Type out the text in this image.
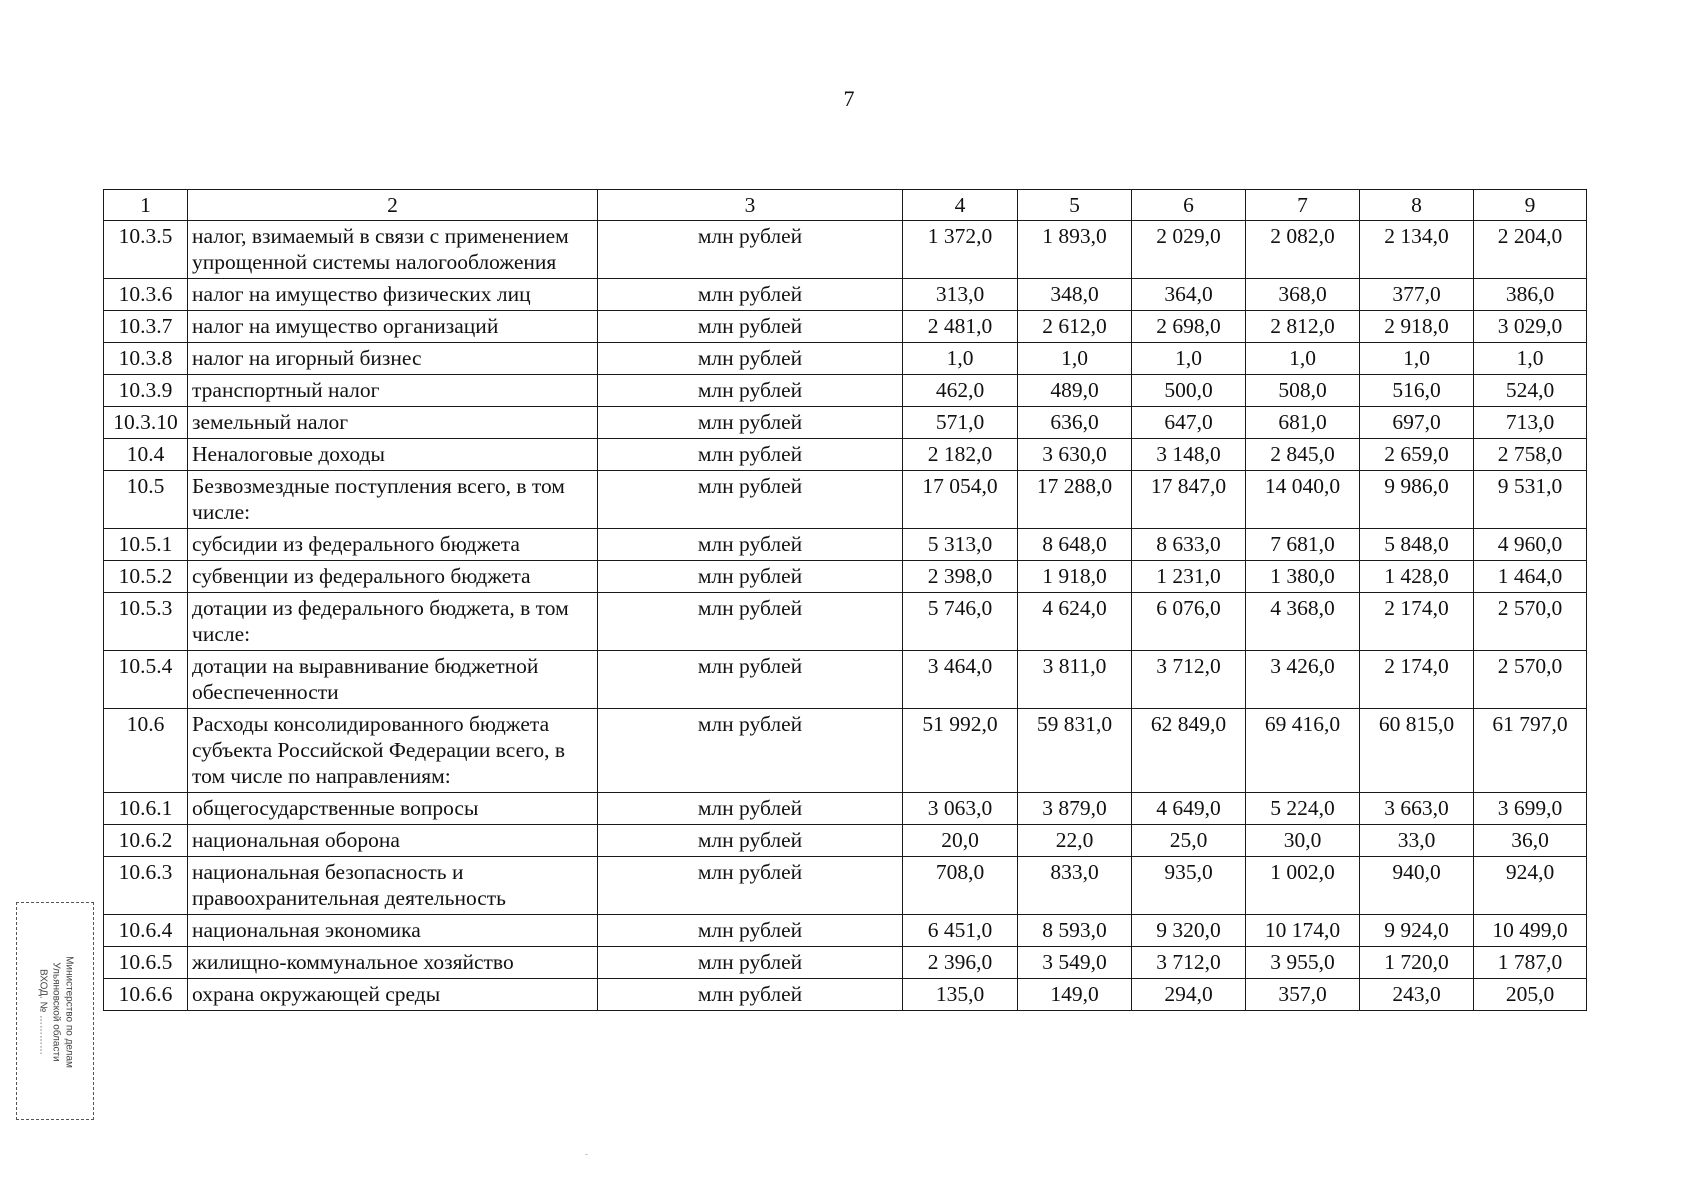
7
1	2	3	4	5	6	7	8	9
10.3.5	налог, взимаемый в связи с применением упрощенной системы налогообложения	млн рублей	1 372,0	1 893,0	2 029,0	2 082,0	2 134,0	2 204,0
10.3.6	налог на имущество физических лиц	млн рублей	313,0	348,0	364,0	368,0	377,0	386,0
10.3.7	налог на имущество организаций	млн рублей	2 481,0	2 612,0	2 698,0	2 812,0	2 918,0	3 029,0
10.3.8	налог на игорный бизнес	млн рублей	1,0	1,0	1,0	1,0	1,0	1,0
10.3.9	транспортный налог	млн рублей	462,0	489,0	500,0	508,0	516,0	524,0
10.3.10	земельный налог	млн рублей	571,0	636,0	647,0	681,0	697,0	713,0
10.4	Неналоговые доходы	млн рублей	2 182,0	3 630,0	3 148,0	2 845,0	2 659,0	2 758,0
10.5	Безвозмездные поступления всего, в том числе:	млн рублей	17 054,0	17 288,0	17 847,0	14 040,0	9 986,0	9 531,0
10.5.1	субсидии из федерального бюджета	млн рублей	5 313,0	8 648,0	8 633,0	7 681,0	5 848,0	4 960,0
10.5.2	субвенции из федерального бюджета	млн рублей	2 398,0	1 918,0	1 231,0	1 380,0	1 428,0	1 464,0
10.5.3	дотации из федерального бюджета, в том числе:	млн рублей	5 746,0	4 624,0	6 076,0	4 368,0	2 174,0	2 570,0
10.5.4	дотации на выравнивание бюджетной обеспеченности	млн рублей	3 464,0	3 811,0	3 712,0	3 426,0	2 174,0	2 570,0
10.6	Расходы консолидированного бюджета субъекта Российской Федерации всего, в том числе по направлениям:	млн рублей	51 992,0	59 831,0	62 849,0	69 416,0	60 815,0	61 797,0
10.6.1	общегосударственные вопросы	млн рублей	3 063,0	3 879,0	4 649,0	5 224,0	3 663,0	3 699,0
10.6.2	национальная оборона	млн рублей	20,0	22,0	25,0	30,0	33,0	36,0
10.6.3	национальная безопасность и правоохранительная деятельность	млн рублей	708,0	833,0	935,0	1 002,0	940,0	924,0
10.6.4	национальная экономика	млн рублей	6 451,0	8 593,0	9 320,0	10 174,0	9 924,0	10 499,0
10.6.5	жилищно-коммунальное хозяйство	млн рублей	2 396,0	3 549,0	3 712,0	3 955,0	1 720,0	1 787,0
10.6.6	охрана окружающей среды	млн рублей	135,0	149,0	294,0	357,0	243,0	205,0
Министерство по делам
Ульяновской области
ВХОД. № …………
